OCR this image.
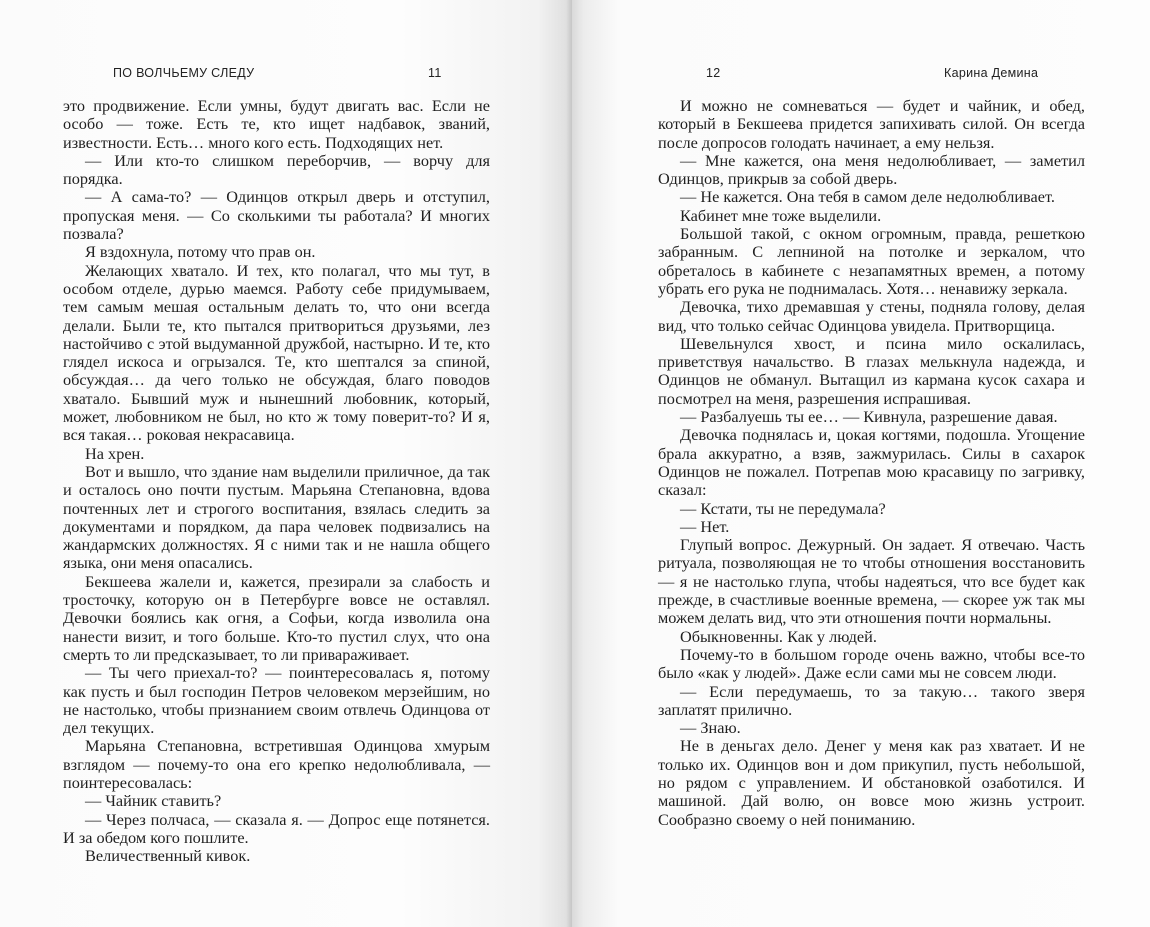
ПО ВОЛЧЬЕМУ СЛЕДУ	11

это продвижение. Если умны, будут двигать вас. Если не особо — тоже. Есть те, кто ищет надбавок, званий, известности. Есть… много кого есть. Подходящих нет.

— Или кто-то слишком переборчив, — ворчу для порядка.

— А сама-то? — Одинцов открыл дверь и отступил, пропуская меня. — Со сколькими ты работала? И многих позвала?

Я вздохнула, потому что прав он.

Желающих хватало. И тех, кто полагал, что мы тут, в особом отделе, дурью маемся. Работу себе придумываем, тем самым мешая остальным делать то, что они всегда делали. Были те, кто пытался притвориться друзьями, лез настойчиво с этой выдуманной дружбой, настырно. И те, кто глядел искоса и огрызался. Те, кто шептался за спиной, обсуждая… да чего только не обсуждая, благо поводов хватало. Бывший муж и нынешний любовник, который, может, любовником не был, но кто ж тому поверит-то? И я, вся такая… роковая некрасавица.

На хрен.

Вот и вышло, что здание нам выделили приличное, да так и осталось оно почти пустым. Марьяна Степановна, вдова почтенных лет и строгого воспитания, взялась следить за документами и порядком, да пара человек подвизались на жандармских должностях. Я с ними так и не нашла общего языка, они меня опасались.

Бекшеева жалели и, кажется, презирали за слабость и тросточку, которую он в Петербурге вовсе не оставлял. Девочки боялись как огня, а Софьи, когда изволила она нанести визит, и того больше. Кто-то пустил слух, что она смерть то ли предсказывает, то ли привараживает.

— Ты чего приехал-то? — поинтересовалась я, потому как пусть и был господин Петров человеком мерзейшим, но не настолько, чтобы признанием своим отвлечь Одинцова от дел текущих.

Марьяна Степановна, встретившая Одинцова хмурым взглядом — почему-то она его крепко недолюбливала, — поинтересовалась:

— Чайник ставить?

— Через полчаса, — сказала я. — Допрос еще потянется. И за обедом кого пошлите.

Величественный кивок.

12	Карина Демина

И можно не сомневаться — будет и чайник, и обед, который в Бекшеева придется запихивать силой. Он всегда после допросов голодать начинает, а ему нельзя.

— Мне кажется, она меня недолюбливает, — заметил Одинцов, прикрыв за собой дверь.

— Не кажется. Она тебя в самом деле недолюбливает.

Кабинет мне тоже выделили.

Большой такой, с окном огромным, правда, решеткою забранным. С лепниной на потолке и зеркалом, что обреталось в кабинете с незапамятных времен, а потому убрать его рука не поднималась. Хотя… ненавижу зеркала.

Девочка, тихо дремавшая у стены, подняла голову, делая вид, что только сейчас Одинцова увидела. Притворщица.

Шевельнулся хвост, и псина мило оскалилась, приветствуя начальство. В глазах мелькнула надежда, и Одинцов не обманул. Вытащил из кармана кусок сахара и посмотрел на меня, разрешения испрашивая.

— Разбалуешь ты ее… — Кивнула, разрешение давая.

Девочка поднялась и, цокая когтями, подошла. Угощение брала аккуратно, а взяв, зажмурилась. Силы в сахарок Одинцов не пожалел. Потрепав мою красавицу по загривку, сказал:

— Кстати, ты не передумала?

— Нет.

Глупый вопрос. Дежурный. Он задает. Я отвечаю. Часть ритуала, позволяющая не то чтобы отношения восстановить — я не настолько глупа, чтобы надеяться, что все будет как прежде, в счастливые военные времена, — скорее уж так мы можем делать вид, что эти отношения почти нормальны.

Обыкновенны. Как у людей.

Почему-то в большом городе очень важно, чтобы все-то было «как у людей». Даже если сами мы не совсем люди.

— Если передумаешь, то за такую… такого зверя заплатят прилично.

— Знаю.

Не в деньгах дело. Денег у меня как раз хватает. И не только их. Одинцов вон и дом прикупил, пусть небольшой, но рядом с управлением. И обстановкой озаботился. И машиной. Дай волю, он вовсе мою жизнь устроит. Сообразно своему о ней пониманию.
